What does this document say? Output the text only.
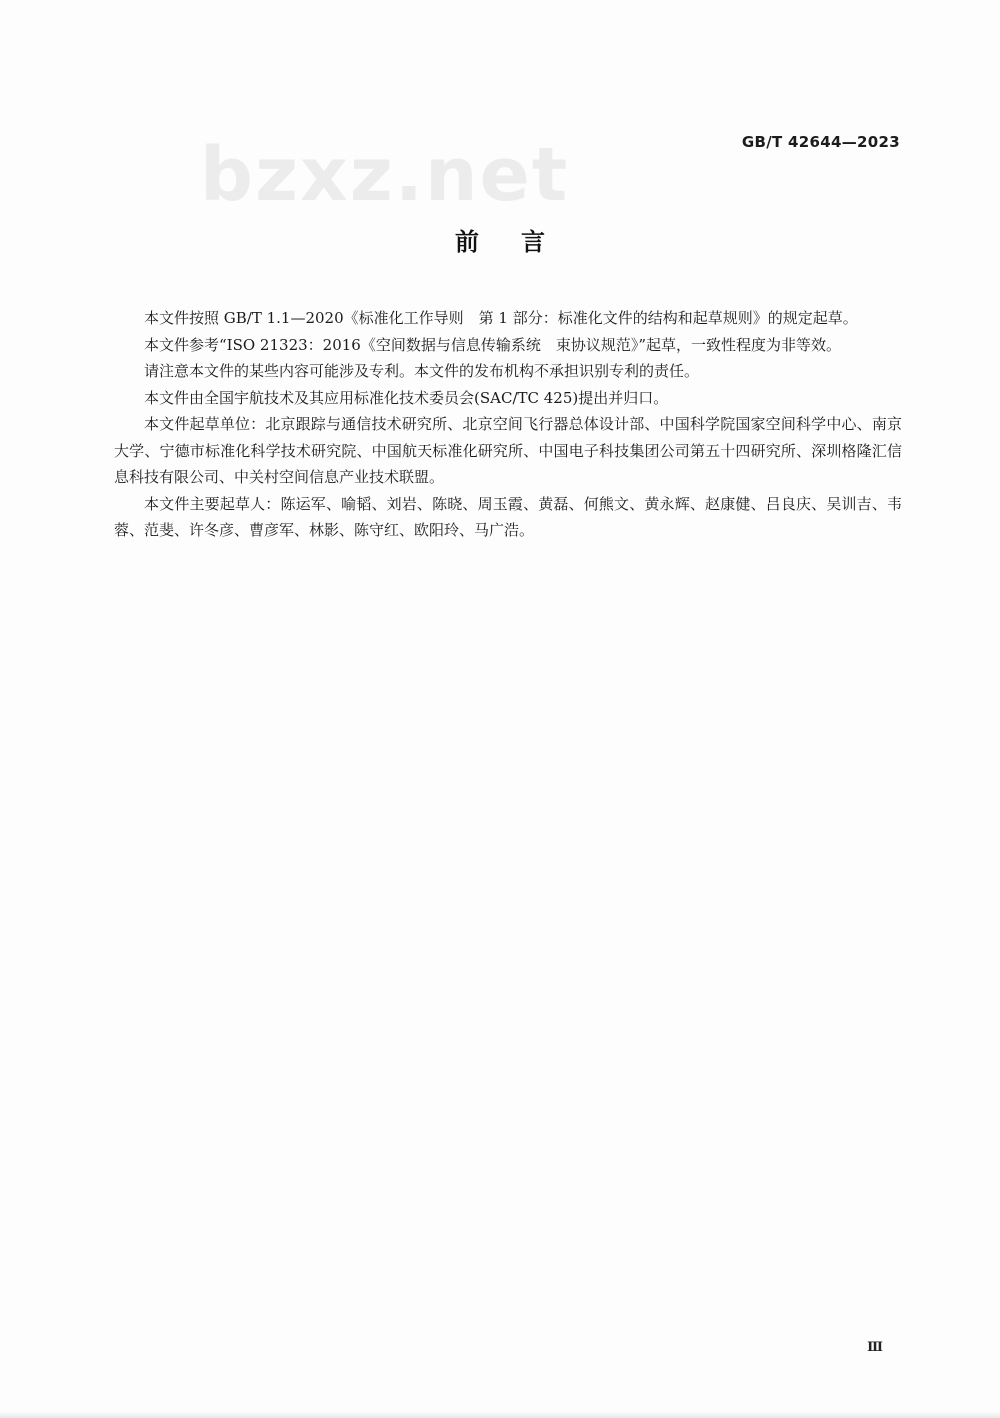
bzxz.net	GB/T 42644—2023
前言

本文件按照 GB/T 1.1—2020《标准化工作导则　第 1 部分：标准化文件的结构和起草规则》的规定起草。

本文件参考“ISO 21323：2016《空间数据与信息传输系统　束协议规范》”起草，一致性程度为非等效。

请注意本文件的某些内容可能涉及专利。本文件的发布机构不承担识别专利的责任。

本文件由全国宇航技术及其应用标准化技术委员会(SAC/TC 425)提出并归口。

本文件起草单位：北京跟踪与通信技术研究所、北京空间飞行器总体设计部、中国科学院国家空间科学中心、南京大学、宁德市标准化科学技术研究院、中国航天标准化研究所、中国电子科技集团公司第五十四研究所、深圳格隆汇信息科技有限公司、中关村空间信息产业技术联盟。

本文件主要起草人：陈运军、喻韬、刘岩、陈晓、周玉霞、黄磊、何熊文、黄永辉、赵康健、吕良庆、吴训吉、韦蓉、范斐、许冬彦、曹彦军、林影、陈守红、欧阳玲、马广浩。

Ⅲ
